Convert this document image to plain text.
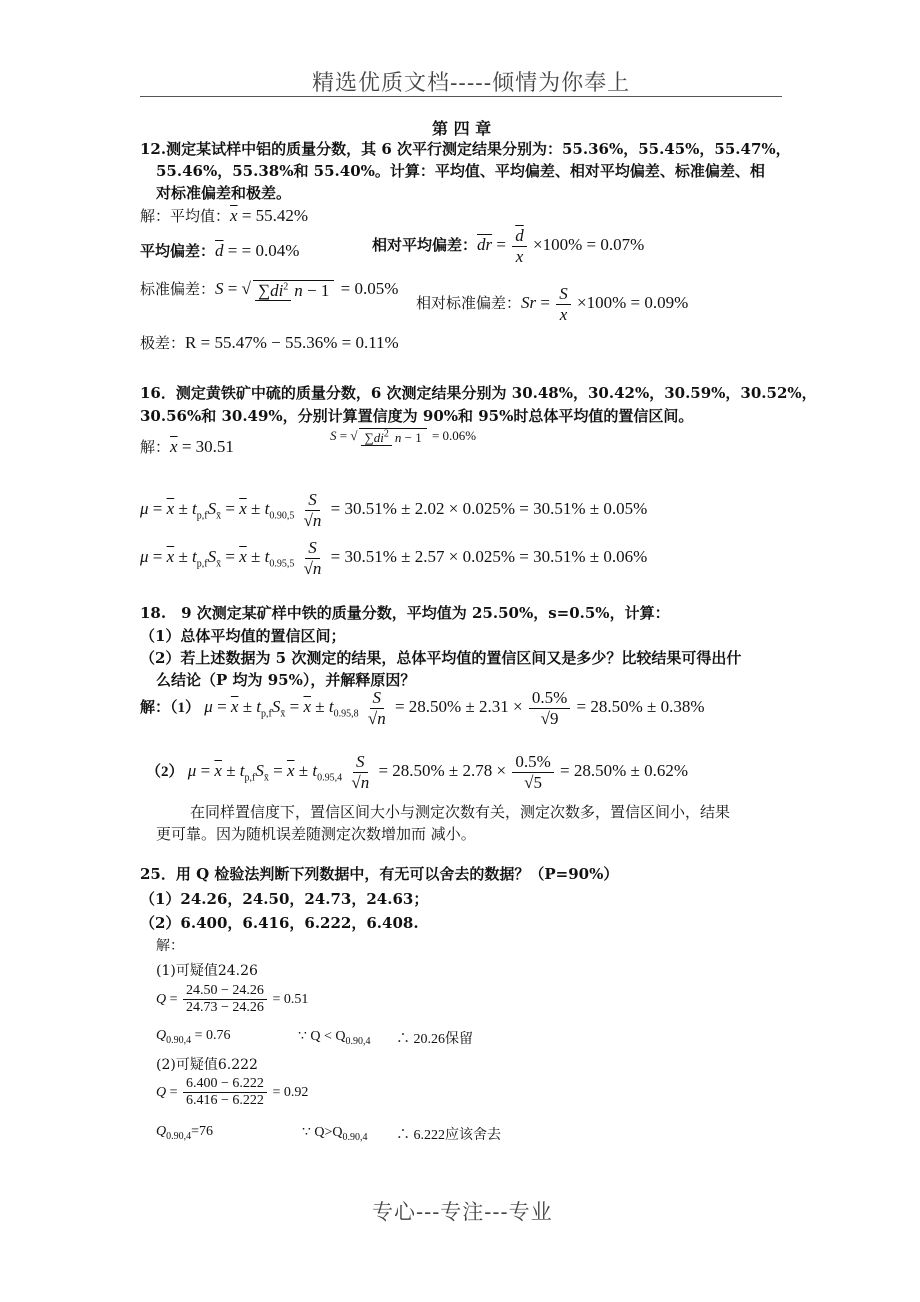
精选优质文档-----倾情为你奉上
第 四 章
12.测定某试样中铝的质量分数，其 6 次平行测定结果分别为：55.36%，55.45%，55.47%，
55.46%，55.38%和 55.40%。计算：平均值、平均偏差、相对平均偏差、标准偏差、相
对标准偏差和极差。
解：平均值：$\overline{x} = 55.42\%$
平均偏差：$\overline{d}$ = = 0.04%	相对平均偏差：$\overline{dr} = \frac{\overline{d}}{x} \times 100\% = 0.07\%$
标准偏差：S = √ $\sum di^2$ n − 1 = 0.05%
相对标准偏差：$Sr = \frac{S}{x} \times 100\% = 0.09\%$
极差：R = 55.47% − 55.36% = 0.11%
16．测定黄铁矿中硫的质量分数，6 次测定结果分别为 30.48%，30.42%，30.59%，30.52%，
30.56%和 30.49%，分别计算置信度为 90%和 95%时总体平均值的置信区间。
解：$\overline{x} = 30.51$
S = √ $\sum di^2$ n − 1 = 0.06%
$\mu = \overline{x} \pm t_{p,f}S_{x̄} = \overline{x} \pm t_{0.90,5} \frac{S}{√n} = 30.51\% \pm 2.02 \times 0.025\% = 30.51\% \pm 0.05\%$
$\mu = \overline{x} \pm t_{p,f}S_{x̄} = \overline{x} \pm t_{0.95,5} \frac{S}{√n} = 30.51\% \pm 2.57 \times 0.025\% = 30.51\% \pm 0.06\%$
18.　9 次测定某矿样中铁的质量分数，平均值为 25.50%，s=0.5%，计算：
（1）总体平均值的置信区间；
（2）若上述数据为 5 次测定的结果，总体平均值的置信区间又是多少？比较结果可得出什
么结论（P 均为 95%），并解释原因？
解：（1） $\mu = \overline{x} \pm t_{p,f}S_{x̄} = \overline{x} \pm t_{0.95,8} \frac{S}{√n} = 28.50\% \pm 2.31 \times \frac{0.5\%}{√9} = 28.50\% \pm 0.38\%$
（2） $\mu = \overline{x} \pm t_{p,f}S_{x̄} = \overline{x} \pm t_{0.95,4} \frac{S}{√n} = 28.50\% \pm 2.78 \times \frac{0.5\%}{√5} = 28.50\% \pm 0.62\%$
在同样置信度下，置信区间大小与测定次数有关，测定次数多，置信区间小，结果
更可靠。因为随机误差随测定次数增加而 减小。
25．用 Q 检验法判断下列数据中，有无可以舍去的数据？（P=90%）
（1）24.26，24.50，24.73，24.63；
（2）6.400，6.416，6.222，6.408.
解：
(1)可疑值24.26
$Q = \frac{24.50 - 24.26}{24.73 - 24.26} = 0.51$
$Q_{0.90,4} = 0.76$	∵ $Q < Q_{0.90,4}$ ∴ 20.26保留
(2)可疑值6.222
$Q = \frac{6.400 - 6.222}{6.416 - 6.222} = 0.92$
$Q_{0.90,4}=76$	∵ $Q>Q_{0.90,4}$ ∴ 6.222应该舍去
专心---专注---专业
